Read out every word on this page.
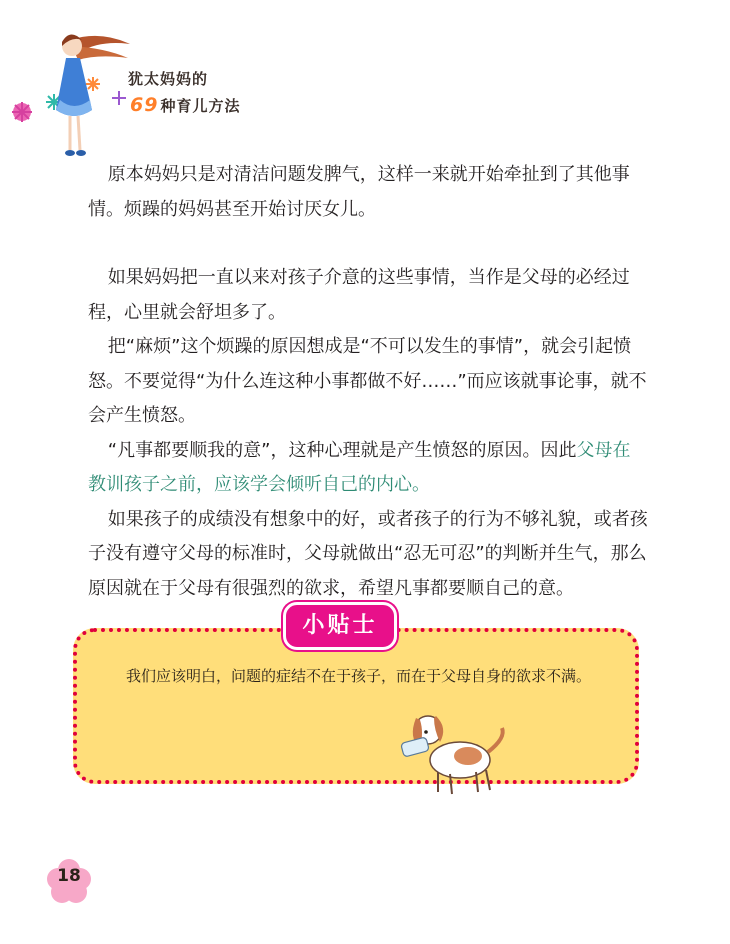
犹太妈妈的
69 种育儿方法

原本妈妈只是对清洁问题发脾气，这样一来就开始牵扯到了其他事情。烦躁的妈妈甚至开始讨厌女儿。

如果妈妈把一直以来对孩子介意的这些事情，当作是父母的必经过程，心里就会舒坦多了。

把“麻烦”这个烦躁的原因想成是“不可以发生的事情”，就会引起愤怒。不要觉得“为什么连这种小事都做不好……”而应该就事论事，就不会产生愤怒。

“凡事都要顺我的意”，这种心理就是产生愤怒的原因。因此父母在教训孩子之前，应该学会倾听自己的内心。

如果孩子的成绩没有想象中的好，或者孩子的行为不够礼貌，或者孩子没有遵守父母的标准时，父母就做出“忍无可忍”的判断并生气，那么原因就在于父母有很强烈的欲求，希望凡事都要顺自己的意。

小贴士
我们应该明白，问题的症结不在于孩子，而在于父母自身的欲求不满。
18
